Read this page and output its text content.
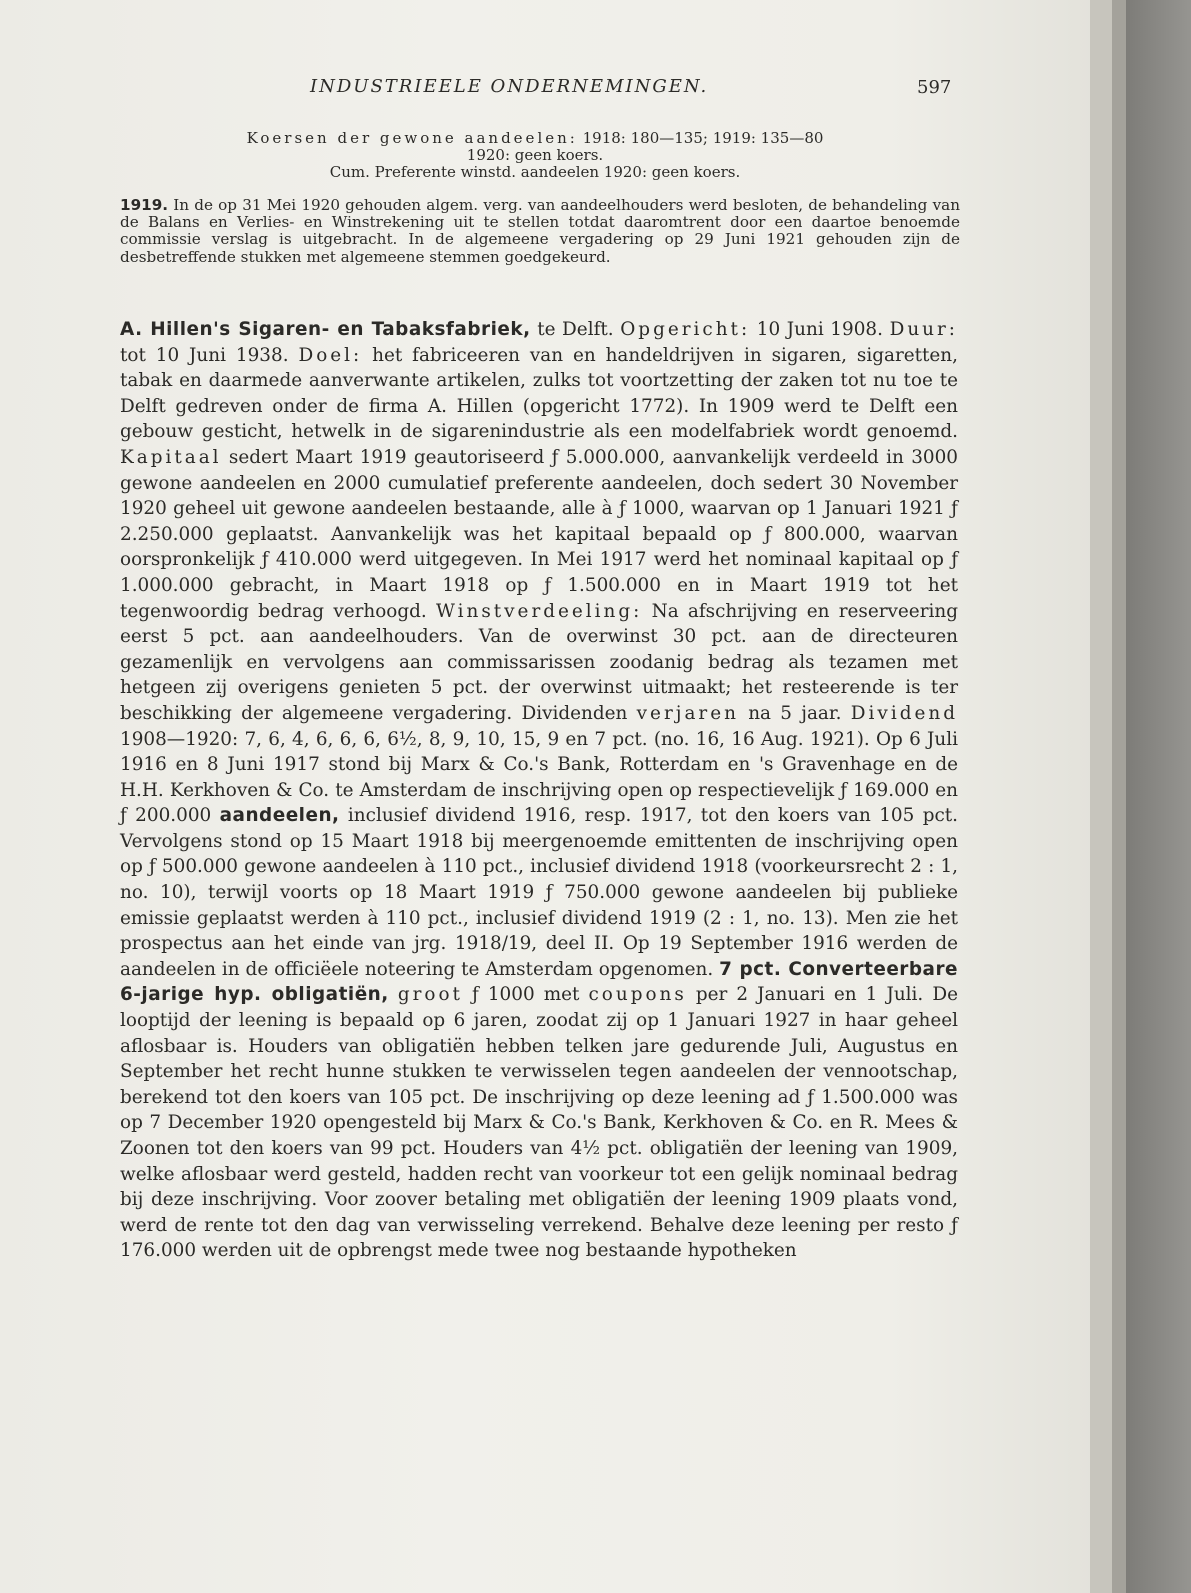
INDUSTRIEELE ONDERNEMINGEN.	597
Koersen der gewone aandeelen: 1918: 180—135; 1919: 135—80
1920: geen koers.
Cum. Preferente winstd. aandeelen 1920: geen koers.
1919. In de op 31 Mei 1920 gehouden algem. verg. van aandeelhouders werd besloten, de behandeling van de Balans en Verlies- en Winstrekening uit te stellen totdat daaromtrent door een daartoe benoemde commissie verslag is uitgebracht. In de algemeene vergadering op 29 Juni 1921 gehouden zijn de desbetreffende stukken met algemeene stemmen goedgekeurd.

A. Hillen's Sigaren- en Tabaksfabriek, te Delft. Opgericht: 10 Juni 1908. Duur: tot 10 Juni 1938. Doel: het fabriceeren van en handeldrijven in sigaren, sigaretten, tabak en daarmede aanverwante artikelen, zulks tot voortzetting der zaken tot nu toe te Delft gedreven onder de firma A. Hillen (opgericht 1772). In 1909 werd te Delft een gebouw gesticht, hetwelk in de sigarenindustrie als een modelfabriek wordt genoemd. Kapitaal sedert Maart 1919 geautoriseerd ƒ 5.000.000, aanvankelijk verdeeld in 3000 gewone aandeelen en 2000 cumulatief preferente aandeelen, doch sedert 30 November 1920 geheel uit gewone aandeelen bestaande, alle à ƒ 1000, waarvan op 1 Januari 1921 ƒ 2.250.000 geplaatst. Aanvankelijk was het kapitaal bepaald op ƒ 800.000, waarvan oorspronkelijk ƒ 410.000 werd uitgegeven. In Mei 1917 werd het nominaal kapitaal op ƒ 1.000.000 gebracht, in Maart 1918 op ƒ 1.500.000 en in Maart 1919 tot het tegenwoordig bedrag verhoogd. Winstverdeeling: Na afschrijving en reserveering eerst 5 pct. aan aandeelhouders. Van de overwinst 30 pct. aan de directeuren gezamenlijk en vervolgens aan commissarissen zoodanig bedrag als tezamen met hetgeen zij overigens genieten 5 pct. der overwinst uitmaakt; het resteerende is ter beschikking der algemeene vergadering. Dividenden verjaren na 5 jaar. Dividend 1908—1920: 7, 6, 4, 6, 6, 6, 6½, 8, 9, 10, 15, 9 en 7 pct. (no. 16, 16 Aug. 1921). Op 6 Juli 1916 en 8 Juni 1917 stond bij Marx & Co.'s Bank, Rotterdam en 's Gravenhage en de H.H. Kerkhoven & Co. te Amsterdam de inschrijving open op respectievelijk ƒ 169.000 en ƒ 200.000 aandeelen, inclusief dividend 1916, resp. 1917, tot den koers van 105 pct. Vervolgens stond op 15 Maart 1918 bij meergenoemde emittenten de inschrijving open op ƒ 500.000 gewone aandeelen à 110 pct., inclusief dividend 1918 (voorkeursrecht 2 : 1, no. 10), terwijl voorts op 18 Maart 1919 ƒ 750.000 gewone aandeelen bij publieke emissie geplaatst werden à 110 pct., inclusief dividend 1919 (2 : 1, no. 13). Men zie het prospectus aan het einde van jrg. 1918/19, deel II. Op 19 September 1916 werden de aandeelen in de officiëele noteering te Amsterdam opgenomen. 7 pct. Converteerbare 6-jarige hyp. obligatiën, groot ƒ 1000 met coupons per 2 Januari en 1 Juli. De looptijd der leening is bepaald op 6 jaren, zoodat zij op 1 Januari 1927 in haar geheel aflosbaar is. Houders van obligatiën hebben telken jare gedurende Juli, Augustus en September het recht hunne stukken te verwisselen tegen aandeelen der vennootschap, berekend tot den koers van 105 pct. De inschrijving op deze leening ad ƒ 1.500.000 was op 7 December 1920 opengesteld bij Marx & Co.'s Bank, Kerkhoven & Co. en R. Mees & Zoonen tot den koers van 99 pct. Houders van 4½ pct. obligatiën der leening van 1909, welke aflosbaar werd gesteld, hadden recht van voorkeur tot een gelijk nominaal bedrag bij deze inschrijving. Voor zoover betaling met obligatiën der leening 1909 plaats vond, werd de rente tot den dag van verwisseling verrekend. Behalve deze leening per resto ƒ 176.000 werden uit de opbrengst mede twee nog bestaande hypotheken
